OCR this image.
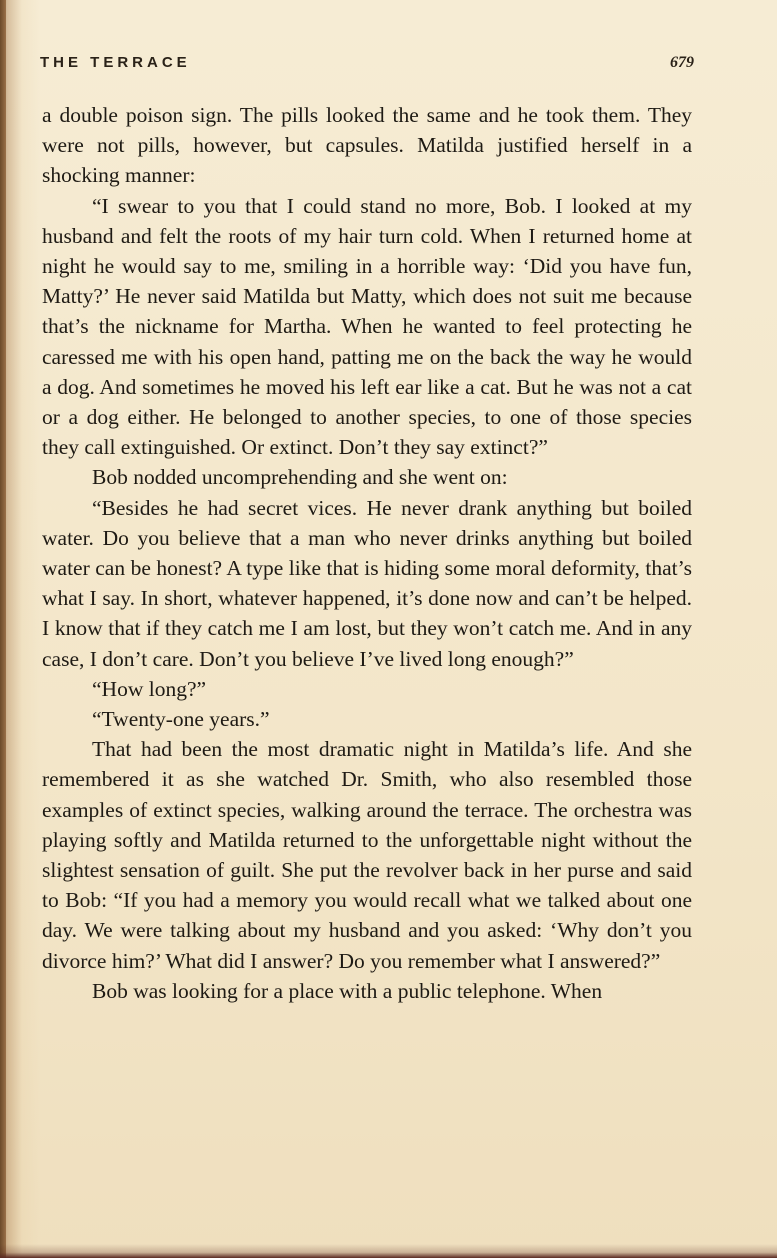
THE TERRACE	679

a double poison sign. The pills looked the same and he took them. They were not pills, however, but capsules. Matilda justified herself in a shocking manner:

“I swear to you that I could stand no more, Bob. I looked at my husband and felt the roots of my hair turn cold. When I returned home at night he would say to me, smiling in a horrible way: ‘Did you have fun, Matty?’ He never said Matilda but Matty, which does not suit me because that’s the nickname for Martha. When he wanted to feel protecting he caressed me with his open hand, patting me on the back the way he would a dog. And sometimes he moved his left ear like a cat. But he was not a cat or a dog either. He belonged to another species, to one of those species they call extinguished. Or extinct. Don’t they say extinct?”

Bob nodded uncomprehending and she went on:

“Besides he had secret vices. He never drank anything but boiled water. Do you believe that a man who never drinks anything but boiled water can be honest? A type like that is hiding some moral deformity, that’s what I say. In short, whatever happened, it’s done now and can’t be helped. I know that if they catch me I am lost, but they won’t catch me. And in any case, I don’t care. Don’t you believe I’ve lived long enough?”

“How long?”

“Twenty-one years.”

That had been the most dramatic night in Matilda’s life. And she remembered it as she watched Dr. Smith, who also resembled those examples of extinct species, walking around the terrace. The orchestra was playing softly and Matilda returned to the unforgettable night without the slightest sensation of guilt. She put the revolver back in her purse and said to Bob: “If you had a memory you would recall what we talked about one day. We were talking about my husband and you asked: ‘Why don’t you divorce him?’ What did I answer? Do you remember what I answered?”

Bob was looking for a place with a public telephone. When
